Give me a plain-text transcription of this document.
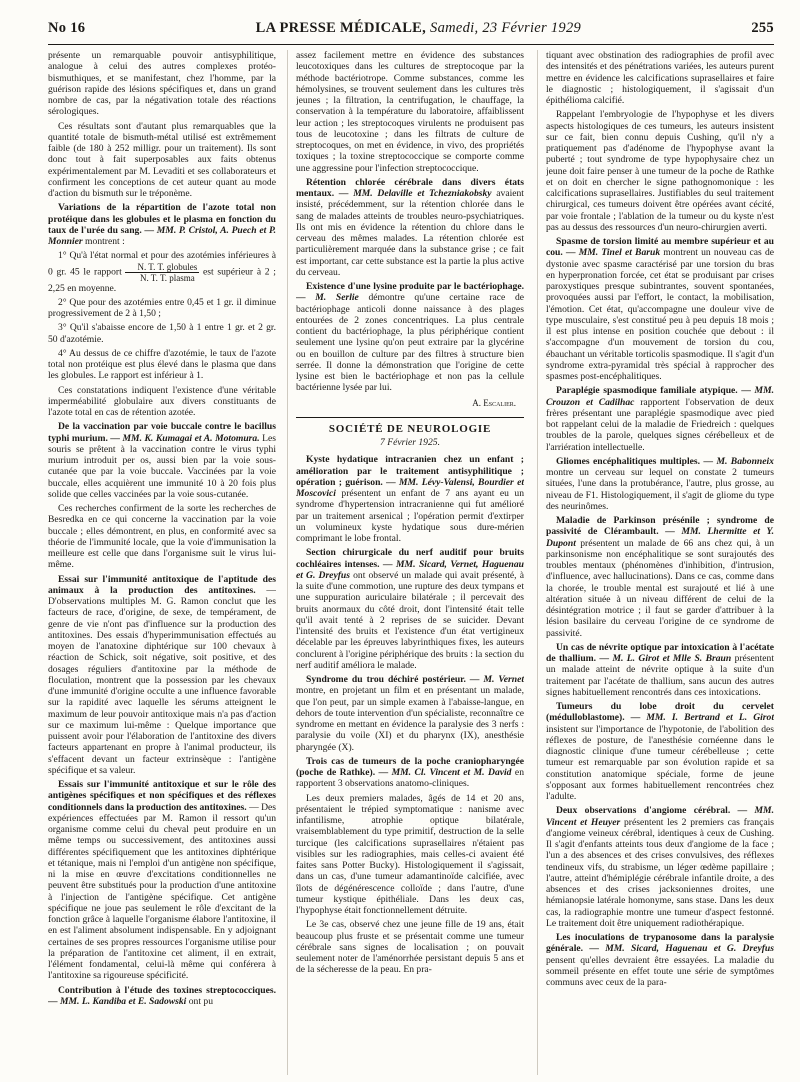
No 16	LA PRESSE MÉDICALE, Samedi, 23 Février 1929	255

présente un remarquable pouvoir antisyphilitique, analogue à celui des autres complexes protéo-bismuthiques, et se manifestant, chez l'homme, par la guérison rapide des lésions spécifiques et, dans un grand nombre de cas, par la négativation totale des réactions sérologiques.

Ces résultats sont d'autant plus remarquables que la quantité totale de bismuth-métal utilisé est extrêmement faible (de 180 à 252 milligr. pour un traitement). Ils sont donc tout à fait superposables aux faits obtenus expérimentalement par M. Levaditi et ses collaborateurs et confirment les conceptions de cet auteur quant au mode d'action du bismuth sur le tréponème.

Variations de la répartition de l'azote total non protéique dans les globules et le plasma en fonction du taux de l'urée du sang. — MM. P. Cristol, A. Puech et P. Monnier montrent :

1° Qu'à l'état normal et pour des azotémies inférieures à 0 gr. 45 le rapport $\frac{\text{N. T. T. globules}}{\text{N. T. T. plasma}}$ est supérieur à 2 ; 2,25 en moyenne.

2° Que pour des azotémies entre 0,45 et 1 gr. il diminue progressivement de 2 à 1,50 ;

3° Qu'il s'abaisse encore de 1,50 à 1 entre 1 gr. et 2 gr. 50 d'azotémie.

4° Au dessus de ce chiffre d'azotémie, le taux de l'azote total non protéique est plus élevé dans le plasma que dans les globules. Le rapport est inférieur à 1.

Ces constatations indiquent l'existence d'une véritable imperméabilité globulaire aux divers constituants de l'azote total en cas de rétention azotée.

De la vaccination par voie buccale contre le bacillus typhi murium. — MM. K. Kumagai et A. Motomura. Les souris se prêtent à la vaccination contre le virus typhi murium introduit per os, aussi bien par la voie sous-cutanée que par la voie buccale. Vaccinées par la voie buccale, elles acquièrent une immunité 10 à 20 fois plus solide que celles vaccinées par la voie sous-cutanée.

Ces recherches confirment de la sorte les recherches de Besredka en ce qui concerne la vaccination par la voie buccale ; elles démontrent, en plus, en conformité avec sa théorie de l'immunité locale, que la voie d'immunisation la meilleure est celle que dans l'organisme suit le virus lui-même.

Essai sur l'immunité antitoxique de l'aptitude des animaux à la production des antitoxines. — D'observations multiples M. G. Ramon conclut que les facteurs de race, d'origine, de sexe, de tempérament, de genre de vie n'ont pas d'influence sur la production des antitoxines. Des essais d'hyperimmunisation effectués au moyen de l'anatoxine diphtérique sur 100 chevaux à réaction de Schick, soit négative, soit positive, et des dosages réguliers d'antitoxine par la méthode de floculation, montrent que la possession par les chevaux d'une immunité d'origine occulte a une influence favorable sur la rapidité avec laquelle les sérums atteignent le maximum de leur pouvoir antitoxique mais n'a pas d'action sur ce maximum lui-même : Quelque importance que puissent avoir pour l'élaboration de l'antitoxine des divers facteurs appartenant en propre à l'animal producteur, ils s'effacent devant un facteur extrinsèque : l'antigène spécifique et sa valeur.

Essais sur l'immunité antitoxique et sur le rôle des antigènes spécifiques et non spécifiques et des réflexes conditionnels dans la production des antitoxines. — Des expériences effectuées par M. Ramon il ressort qu'un organisme comme celui du cheval peut produire en un même temps ou successivement, des antitoxines aussi différentes spécifiquement que les antitoxines diphtérique et tétanique, mais ni l'emploi d'un antigène non spécifique, ni la mise en œuvre d'excitations conditionnelles ne peuvent être substitués pour la production d'une antitoxine à l'injection de l'antigène spécifique. Cet antigène spécifique ne joue pas seulement le rôle d'excitant de la fonction grâce à laquelle l'organisme élabore l'antitoxine, il en est l'aliment absolument indispensable. En y adjoignant certaines de ses propres ressources l'organisme utilise pour la préparation de l'antitoxine cet aliment, il en extrait, l'élément fondamental, celui-là même qui conférera à l'antitoxine sa rigoureuse spécificité.

Contribution à l'étude des toxines streptococciques. — MM. L. Kandiba et E. Sadowski ont pu

assez facilement mettre en évidence des substances leucotoxiques dans les cultures de streptocoque par la méthode bactériotrope. Comme substances, comme les hémolysines, se trouvent seulement dans les cultures très jeunes ; la filtration, la centrifugation, le chauffage, la conservation à la température du laboratoire, affaiblissent leur action ; les streptocoques virulents ne produisent pas tous de leucotoxine ; dans les filtrats de culture de streptocoques, on met en évidence, in vivo, des propriétés toxiques ; la toxine streptococcique se comporte comme une aggressine pour l'infection streptococcique.

Rétention chlorée cérébrale dans divers états mentaux. — MM. Delaville et Tchezniakobsky avaient insisté, précédemment, sur la rétention chlorée dans le sang de malades atteints de troubles neuro-psychiatriques. Ils ont mis en évidence la rétention du chlore dans le cerveau des mêmes malades. La rétention chlorée est particulièrement marquée dans la substance grise ; ce fait est important, car cette substance est la partie la plus active du cerveau.

Existence d'une lysine produite par le bactériophage. — M. Serlie démontre qu'une certaine race de bactériophage anticoli donne naissance à des plages entourées de 2 zones concentriques. La plus centrale contient du bactériophage, la plus périphérique contient seulement une lysine qu'on peut extraire par la glycérine ou en bouillon de culture par des filtres à structure bien serrée. Il donne la démonstration que l'origine de cette lysine est bien le bactériophage et non pas la cellule bactérienne lysée par lui.

A. Escalier.
SOCIÉTÉ DE NEUROLOGIE
7 Février 1925.

Kyste hydatique intracranien chez un enfant ; amélioration par le traitement antisyphilitique ; opération ; guérison. — MM. Lévy-Valensi, Bourdier et Moscovici présentent un enfant de 7 ans ayant eu un syndrome d'hypertension intracranienne qui fut amélioré par un traitement arsenical ; l'opération permit d'extirper un volumineux kyste hydatique sous dure-mérien comprimant le lobe frontal.

Section chirurgicale du nerf auditif pour bruits cochléaires intenses. — MM. Sicard, Vernet, Haguenau et G. Dreyfus ont observé un malade qui avait présenté, à la suite d'une commotion, une rupture des deux tympans et une suppuration auriculaire bilatérale ; il percevait des bruits anormaux du côté droit, dont l'intensité était telle qu'il avait tenté à 2 reprises de se suicider. Devant l'intensité des bruits et l'existence d'un état vertigineux décelable par les épreuves labyrinthiques fixes, les auteurs conclurent à l'origine périphérique des bruits : la section du nerf auditif améliora le malade.

Syndrome du trou déchiré postérieur. — M. Vernet montre, en projetant un film et en présentant un malade, que l'on peut, par un simple examen à l'abaisse-langue, en dehors de toute intervention d'un spécialiste, reconnaître ce syndrome en mettant en évidence la paralysie des 3 nerfs : paralysie du voile (XI) et du pharynx (IX), anesthésie pharyngée (X).

Trois cas de tumeurs de la poche craniopharyngée (poche de Rathke). — MM. Cl. Vincent et M. David en rapportent 3 observations anatomo-cliniques.

Les deux premiers malades, âgés de 14 et 20 ans, présentaient le trépied symptomatique : nanisme avec infantilisme, atrophie optique bilatérale, vraisemblablement du type primitif, destruction de la selle turcique (les calcifications suprasellaires n'étaient pas visibles sur les radiographies, mais celles-ci avaient été faites sans Potter Bucky). Histologiquement il s'agissait, dans un cas, d'une tumeur adamantinoïde calcifiée, avec îlots de dégénérescence colloïde ; dans l'autre, d'une tumeur kystique épithéliale. Dans les deux cas, l'hypophyse était fonctionnellement détruite.

Le 3e cas, observé chez une jeune fille de 19 ans, était beaucoup plus fruste et se présentait comme une tumeur cérébrale sans signes de localisation ; on pouvait seulement noter de l'aménorrhée persistant depuis 5 ans et de la sécheresse de la peau. En pra-

tiquant avec obstination des radiographies de profil avec des intensités et des pénétrations variées, les auteurs purent mettre en évidence les calcifications suprasellaires et faire le diagnostic ; histologiquement, il s'agissait d'un épithélioma calcifié.

Rappelant l'embryologie de l'hypophyse et les divers aspects histologiques de ces tumeurs, les auteurs insistent sur ce fait, bien connu depuis Cushing, qu'il n'y a pratiquement pas d'adénome de l'hypophyse avant la puberté ; tout syndrome de type hypophysaire chez un jeune doit faire penser à une tumeur de la poche de Rathke et on doit en chercher le signe pathognomonique : les calcifications suprasellaires. Justifiables du seul traitement chirurgical, ces tumeurs doivent être opérées avant cécité, par voie frontale ; l'ablation de la tumeur ou du kyste n'est pas au dessus des ressources d'un neuro-chirurgien averti.

Spasme de torsion limité au membre supérieur et au cou. — MM. Tinel et Baruk montrent un nouveau cas de dystonie avec spasme caractérisé par une torsion du bras en hyperpronation forcée, cet état se produisant par crises paroxystiques presque subintrantes, souvent spontanées, provoquées aussi par l'effort, le contact, la mobilisation, l'émotion. Cet état, qu'accompagne une douleur vive de type musculaire, s'est constitué peu à peu depuis 18 mois ; il est plus intense en position couchée que debout : il s'accompagne d'un mouvement de torsion du cou, ébauchant un véritable torticolis spasmodique. Il s'agit d'un syndrome extra-pyramidal très spécial à rapprocher des spasmes post-encéphalitiques.

Paraplégie spasmodique familiale atypique. — MM. Crouzon et Cadilhac rapportent l'observation de deux frères présentant une paraplégie spasmodique avec pied bot rappelant celui de la maladie de Friedreich : quelques troubles de la parole, quelques signes cérébelleux et de l'arriération intellectuelle.

Gliomes encéphalitiques multiples. — M. Babonneix montre un cerveau sur lequel on constate 2 tumeurs situées, l'une dans la protubérance, l'autre, plus grosse, au niveau de F1. Histologiquement, il s'agit de gliome du type des neurinômes.

Maladie de Parkinson présénile ; syndrome de passivité de Clérambault. — MM. Lhermitte et Y. Dupont présentent un malade de 66 ans chez qui, à un parkinsonisme non encéphalitique se sont surajoutés des troubles mentaux (phénomènes d'inhibition, d'intrusion, d'influence, avec hallucinations). Dans ce cas, comme dans la chorée, le trouble mental est surajouté et lié à une altération située à un niveau différent de celui de la désintégration motrice ; il faut se garder d'attribuer à la lésion basilaire du cerveau l'origine de ce syndrome de passivité.

Un cas de névrite optique par intoxication à l'acétate de thallium. — M. L. Girot et Mlle S. Braun présentent un malade atteint de névrite optique à la suite d'un traitement par l'acétate de thallium, sans aucun des autres signes habituellement rencontrés dans ces intoxications.

Tumeurs du lobe droit du cervelet (médulloblastome). — MM. I. Bertrand et L. Girot insistent sur l'importance de l'hypotonie, de l'abolition des réflexes de posture, de l'anesthésie cornéenne dans le diagnostic clinique d'une tumeur cérébelleuse ; cette tumeur est remarquable par son évolution rapide et sa constitution anatomique spéciale, forme de jeune s'opposant aux formes habituellement rencontrées chez l'adulte.

Deux observations d'angiome cérébral. — MM. Vincent et Heuyer présentent les 2 premiers cas français d'angiome veineux cérébral, identiques à ceux de Cushing. Il s'agit d'enfants atteints tous deux d'angiome de la face ; l'un a des absences et des crises convulsives, des réflexes tendineux vifs, du strabisme, un léger œdème papillaire ; l'autre, atteint d'hémiplégie cérébrale infantile droite, a des absences et des crises jacksoniennes droites, une hémianopsie latérale homonyme, sans stase. Dans les deux cas, la radiographie montre une tumeur d'aspect festonné. Le traitement doit être uniquement radiothérapique.

Les inoculations de trypanosome dans la paralysie générale. — MM. Sicard, Haguenau et G. Dreyfus pensent qu'elles devraient être essayées. La maladie du sommeil présente en effet toute une série de symptômes communs avec ceux de la para-
